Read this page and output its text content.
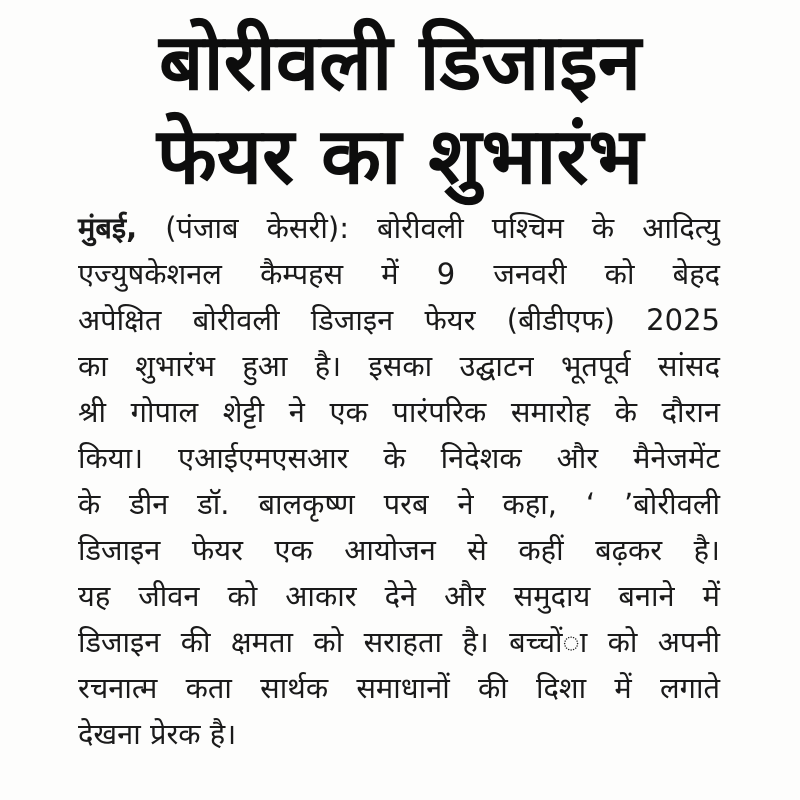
बोरीवली डिजाइन
फेयर का शुभारंभ
मुंबई, (पंजाब केसरी): बोरीवली पश्चिम के आदित्यु
एज्युषकेशनल कैम्पहस में 9 जनवरी को बेहद
अपेक्षित बोरीवली डिजाइन फेयर (बीडीएफ) 2025
का शुभारंभ हुआ है। इसका उद्घाटन भूतपूर्व सांसद
श्री गोपाल शेट्टी ने एक पारंपरिक समारोह के दौरान
किया। एआईएमएसआर के निदेशक और मैनेजमेंट
के डीन डॉ. बालकृष्ण परब ने कहा, ‘ ’बोरीवली
डिजाइन फेयर एक आयोजन से कहीं बढ़कर है।
यह जीवन को आकार देने और समुदाय बनाने में
डिजाइन की क्षमता को सराहता है। बच्चोंा को अपनी
रचनात्म कता सार्थक समाधानों की दिशा में लगाते
देखना प्रेरक है।
